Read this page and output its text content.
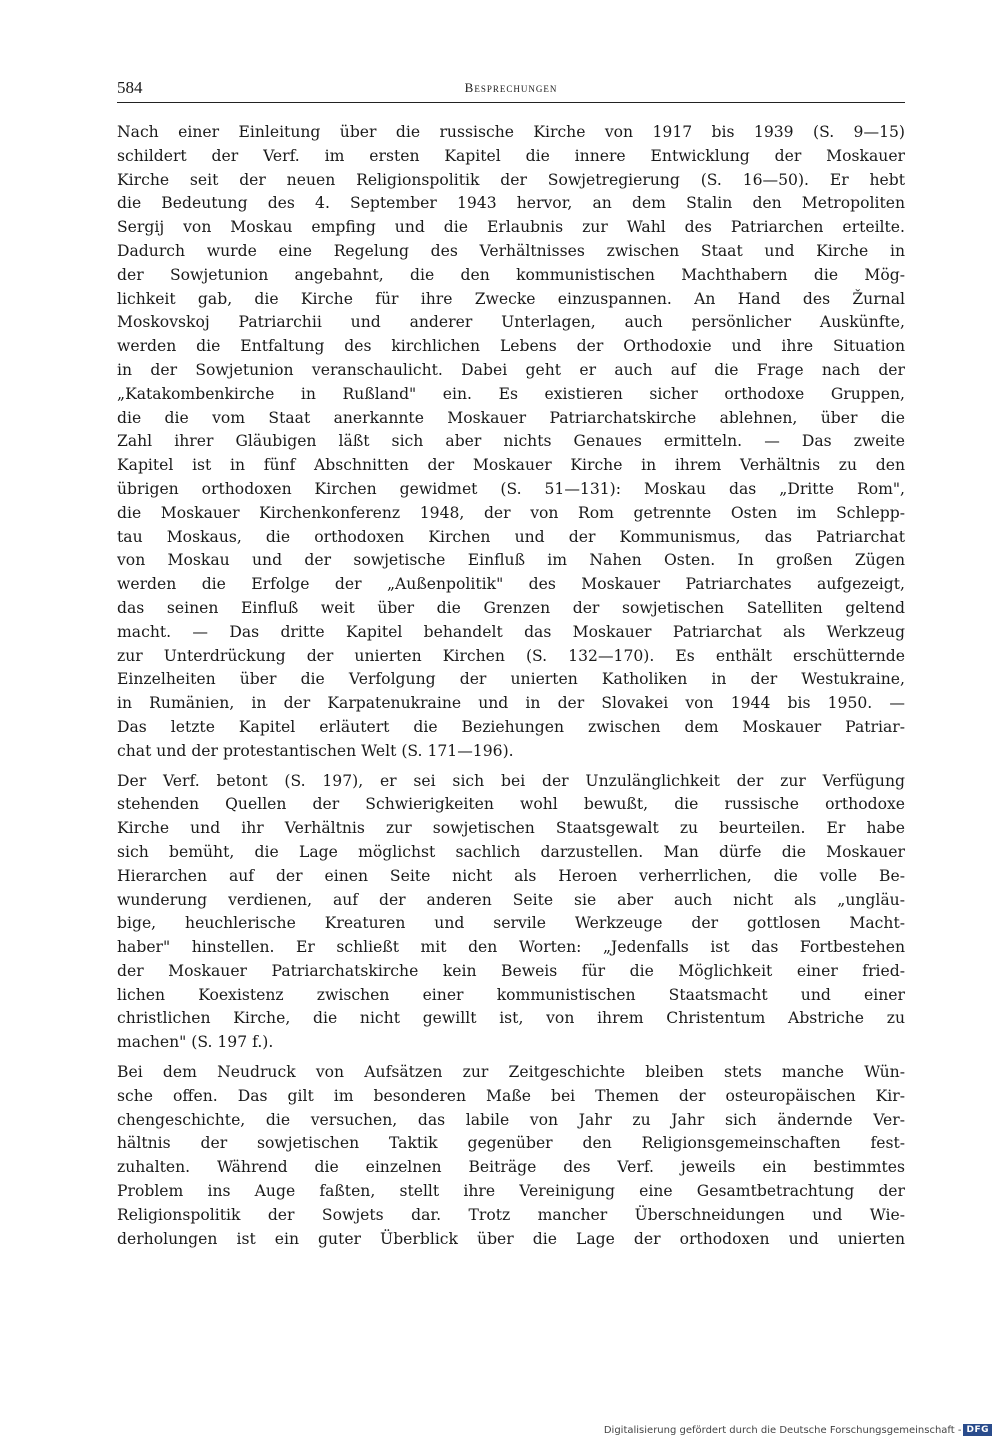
584	Besprechungen

Nach einer Einleitung über die russische Kirche von 1917 bis 1939 (S. 9—15)
schildert der Verf. im ersten Kapitel die innere Entwicklung der Moskauer
Kirche seit der neuen Religionspolitik der Sowjetregierung (S. 16—50). Er hebt
die Bedeutung des 4. September 1943 hervor, an dem Stalin den Metropoliten
Sergij von Moskau empfing und die Erlaubnis zur Wahl des Patriarchen erteilte.
Dadurch wurde eine Regelung des Verhältnisses zwischen Staat und Kirche in
der Sowjetunion angebahnt, die den kommunistischen Machthabern die Mög-
lichkeit gab, die Kirche für ihre Zwecke einzuspannen. An Hand des Žurnal
Moskovskoj Patriarchii und anderer Unterlagen, auch persönlicher Auskünfte,
werden die Entfaltung des kirchlichen Lebens der Orthodoxie und ihre Situation
in der Sowjetunion veranschaulicht. Dabei geht er auch auf die Frage nach der
„Katakombenkirche in Rußland" ein. Es existieren sicher orthodoxe Gruppen,
die die vom Staat anerkannte Moskauer Patriarchatskirche ablehnen, über die
Zahl ihrer Gläubigen läßt sich aber nichts Genaues ermitteln. — Das zweite
Kapitel ist in fünf Abschnitten der Moskauer Kirche in ihrem Verhältnis zu den
übrigen orthodoxen Kirchen gewidmet (S. 51—131): Moskau das „Dritte Rom",
die Moskauer Kirchenkonferenz 1948, der von Rom getrennte Osten im Schlepp-
tau Moskaus, die orthodoxen Kirchen und der Kommunismus, das Patriarchat
von Moskau und der sowjetische Einfluß im Nahen Osten. In großen Zügen
werden die Erfolge der „Außenpolitik" des Moskauer Patriarchates aufgezeigt,
das seinen Einfluß weit über die Grenzen der sowjetischen Satelliten geltend
macht. — Das dritte Kapitel behandelt das Moskauer Patriarchat als Werkzeug
zur Unterdrückung der unierten Kirchen (S. 132—170). Es enthält erschütternde
Einzelheiten über die Verfolgung der unierten Katholiken in der Westukraine,
in Rumänien, in der Karpatenukraine und in der Slovakei von 1944 bis 1950. —
Das letzte Kapitel erläutert die Beziehungen zwischen dem Moskauer Patriar-
chat und der protestantischen Welt (S. 171—196).

Der Verf. betont (S. 197), er sei sich bei der Unzulänglichkeit der zur Verfügung
stehenden Quellen der Schwierigkeiten wohl bewußt, die russische orthodoxe
Kirche und ihr Verhältnis zur sowjetischen Staatsgewalt zu beurteilen. Er habe
sich bemüht, die Lage möglichst sachlich darzustellen. Man dürfe die Moskauer
Hierarchen auf der einen Seite nicht als Heroen verherrlichen, die volle Be-
wunderung verdienen, auf der anderen Seite sie aber auch nicht als „ungläu-
bige, heuchlerische Kreaturen und servile Werkzeuge der gottlosen Macht-
haber" hinstellen. Er schließt mit den Worten: „Jedenfalls ist das Fortbestehen
der Moskauer Patriarchatskirche kein Beweis für die Möglichkeit einer fried-
lichen Koexistenz zwischen einer kommunistischen Staatsmacht und einer
christlichen Kirche, die nicht gewillt ist, von ihrem Christentum Abstriche zu
machen" (S. 197 f.).

Bei dem Neudruck von Aufsätzen zur Zeitgeschichte bleiben stets manche Wün-
sche offen. Das gilt im besonderen Maße bei Themen der osteuropäischen Kir-
chengeschichte, die versuchen, das labile von Jahr zu Jahr sich ändernde Ver-
hältnis der sowjetischen Taktik gegenüber den Religionsgemeinschaften fest-
zuhalten. Während die einzelnen Beiträge des Verf. jeweils ein bestimmtes
Problem ins Auge faßten, stellt ihre Vereinigung eine Gesamtbetrachtung der
Religionspolitik der Sowjets dar. Trotz mancher Überschneidungen und Wie-
derholungen ist ein guter Überblick über die Lage der orthodoxen und unierten

Digitalisierung gefördert durch die Deutsche Forschungsgemeinschaft - DFG
